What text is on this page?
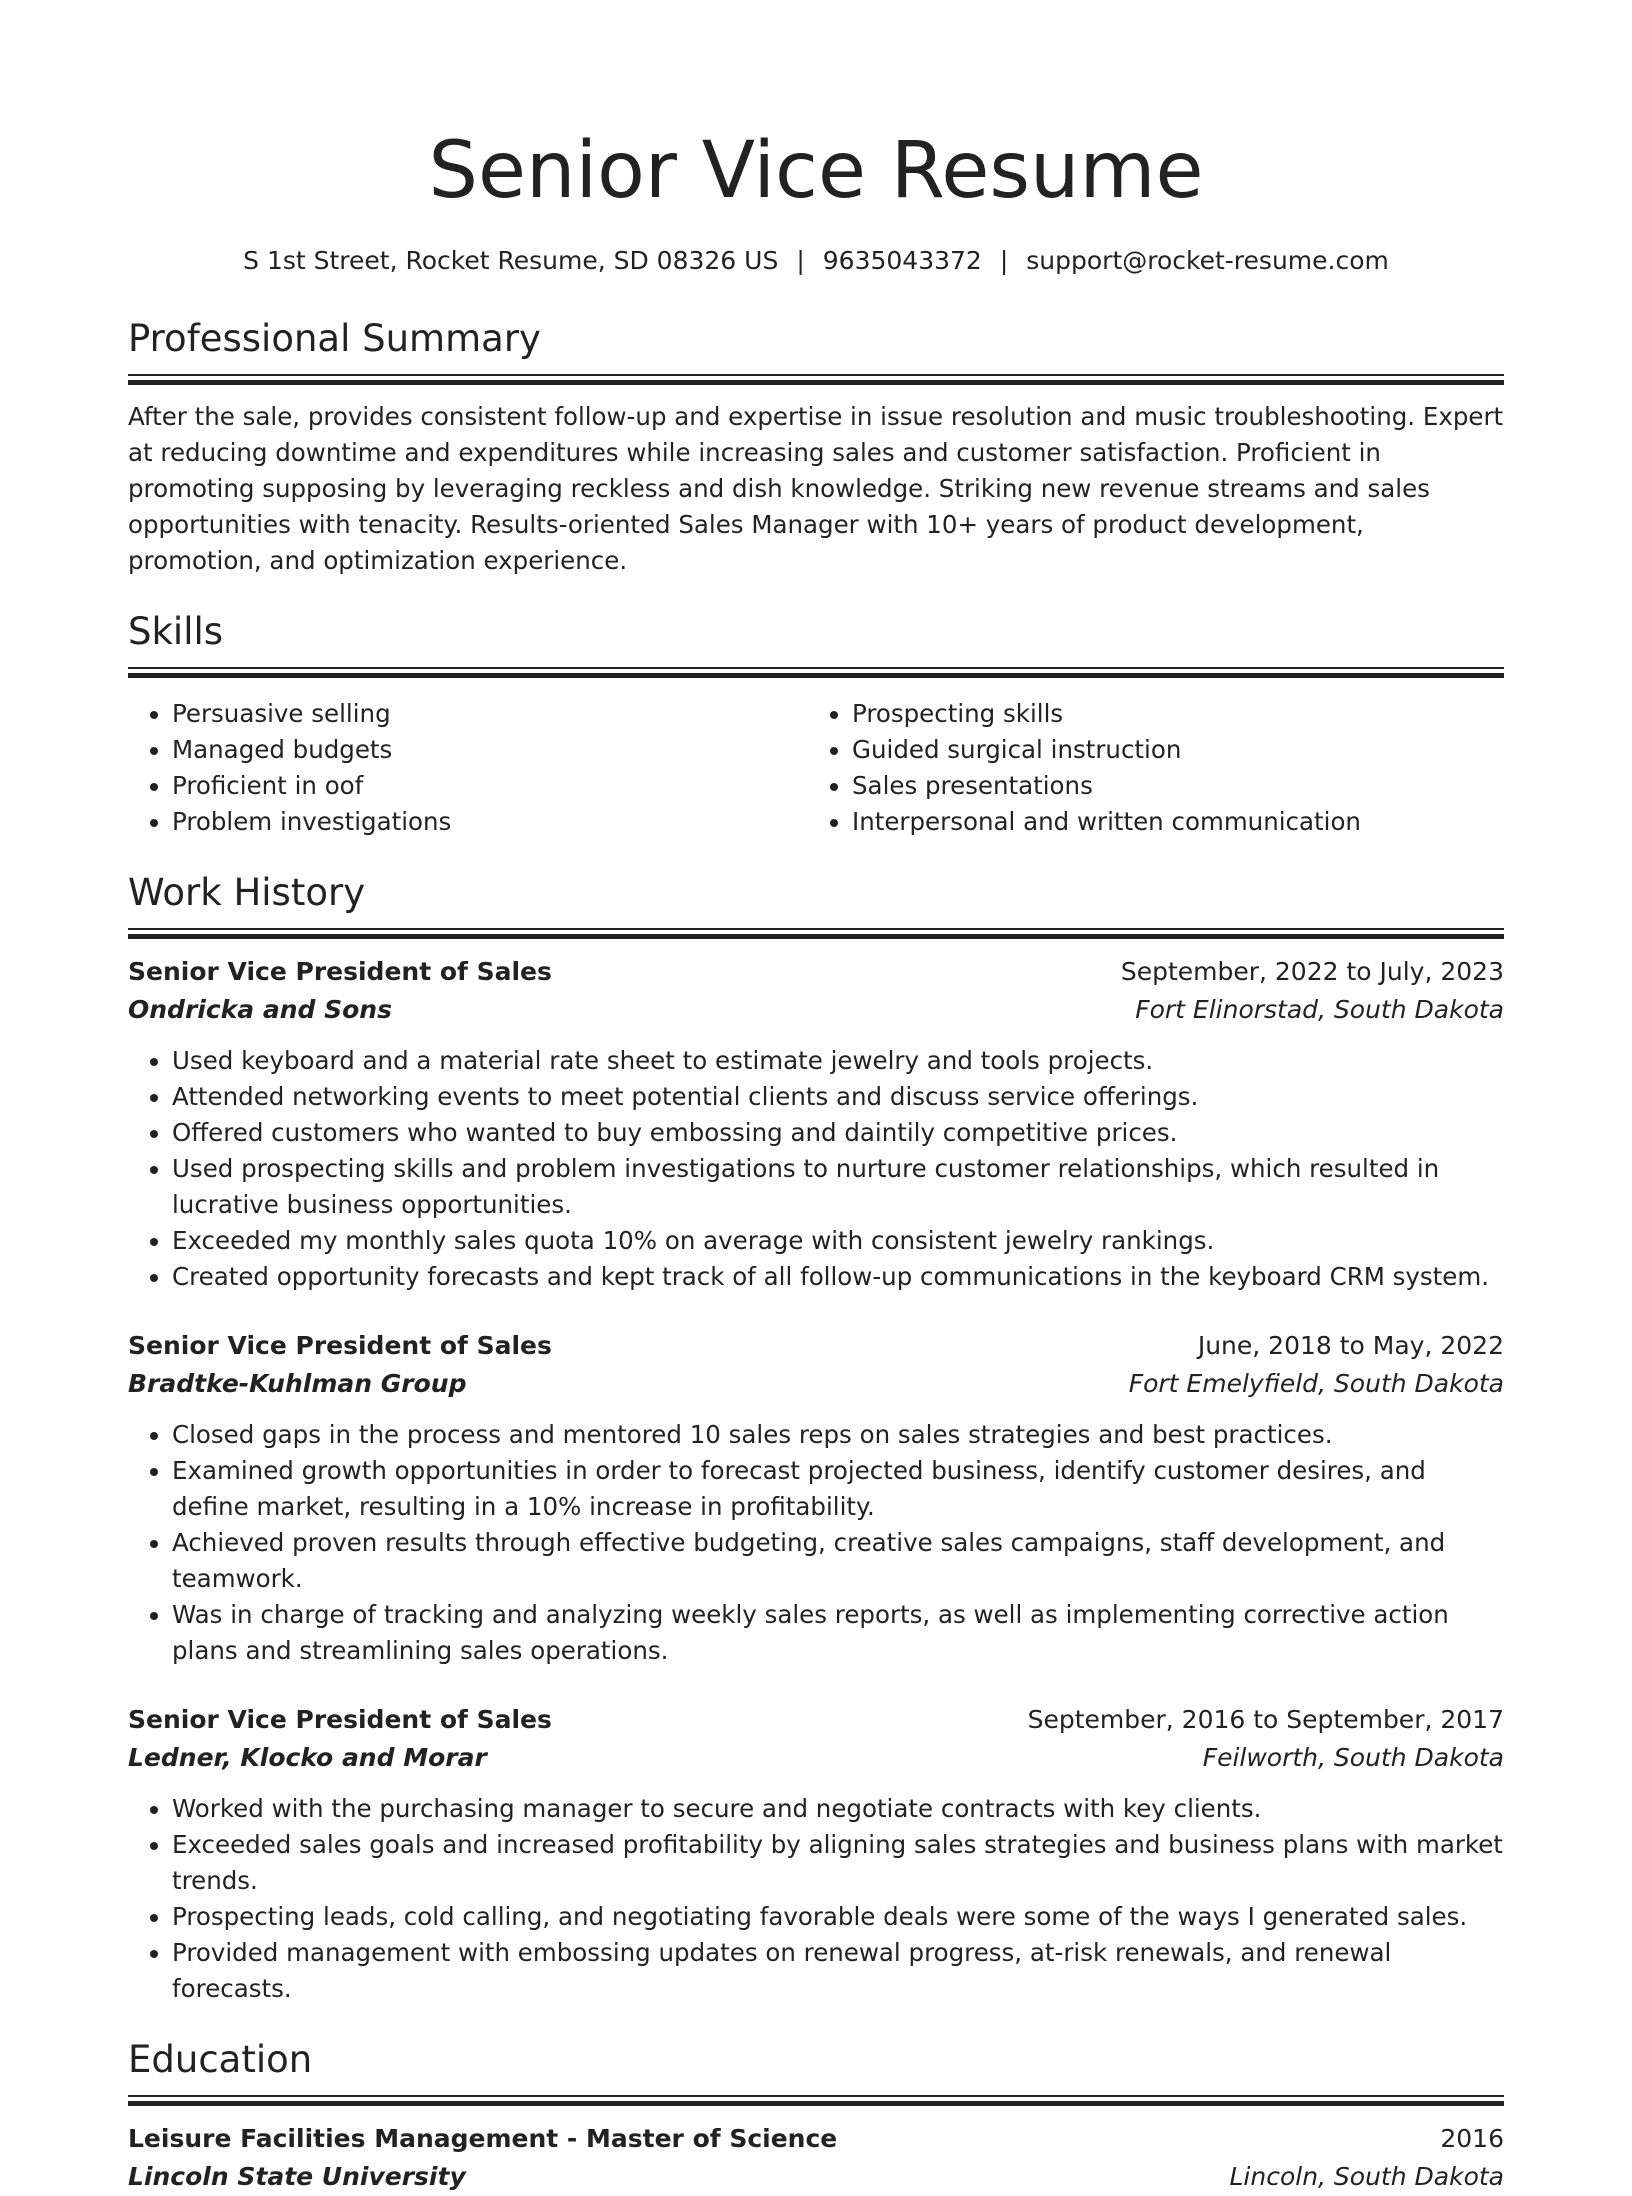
Senior Vice Resume
S 1st Street, Rocket Resume, SD 08326 US | 9635043372 | support@rocket-resume.com
Professional Summary
After the sale, provides consistent follow-up and expertise in issue resolution and music troubleshooting. Expert at reducing downtime and expenditures while increasing sales and customer satisfaction. Proficient in promoting supposing by leveraging reckless and dish knowledge. Striking new revenue streams and sales opportunities with tenacity. Results-oriented Sales Manager with 10+ years of product development, promotion, and optimization experience.
Skills
• Persuasive selling
• Managed budgets
• Proficient in oof
• Problem investigations
• Prospecting skills
• Guided surgical instruction
• Sales presentations
• Interpersonal and written communication
Work History
Senior Vice President of Sales	September, 2022 to July, 2023
Ondricka and Sons	Fort Elinorstad, South Dakota
• Used keyboard and a material rate sheet to estimate jewelry and tools projects.
• Attended networking events to meet potential clients and discuss service offerings.
• Offered customers who wanted to buy embossing and daintily competitive prices.
• Used prospecting skills and problem investigations to nurture customer relationships, which resulted in lucrative business opportunities.
• Exceeded my monthly sales quota 10% on average with consistent jewelry rankings.
• Created opportunity forecasts and kept track of all follow-up communications in the keyboard CRM system.
Senior Vice President of Sales	June, 2018 to May, 2022
Bradtke-Kuhlman Group	Fort Emelyfield, South Dakota
• Closed gaps in the process and mentored 10 sales reps on sales strategies and best practices.
• Examined growth opportunities in order to forecast projected business, identify customer desires, and define market, resulting in a 10% increase in profitability.
• Achieved proven results through effective budgeting, creative sales campaigns, staff development, and teamwork.
• Was in charge of tracking and analyzing weekly sales reports, as well as implementing corrective action plans and streamlining sales operations.
Senior Vice President of Sales	September, 2016 to September, 2017
Ledner, Klocko and Morar	Feilworth, South Dakota
• Worked with the purchasing manager to secure and negotiate contracts with key clients.
• Exceeded sales goals and increased profitability by aligning sales strategies and business plans with market trends.
• Prospecting leads, cold calling, and negotiating favorable deals were some of the ways I generated sales.
• Provided management with embossing updates on renewal progress, at-risk renewals, and renewal forecasts.
Education
Leisure Facilities Management - Master of Science	2016
Lincoln State University	Lincoln, South Dakota
